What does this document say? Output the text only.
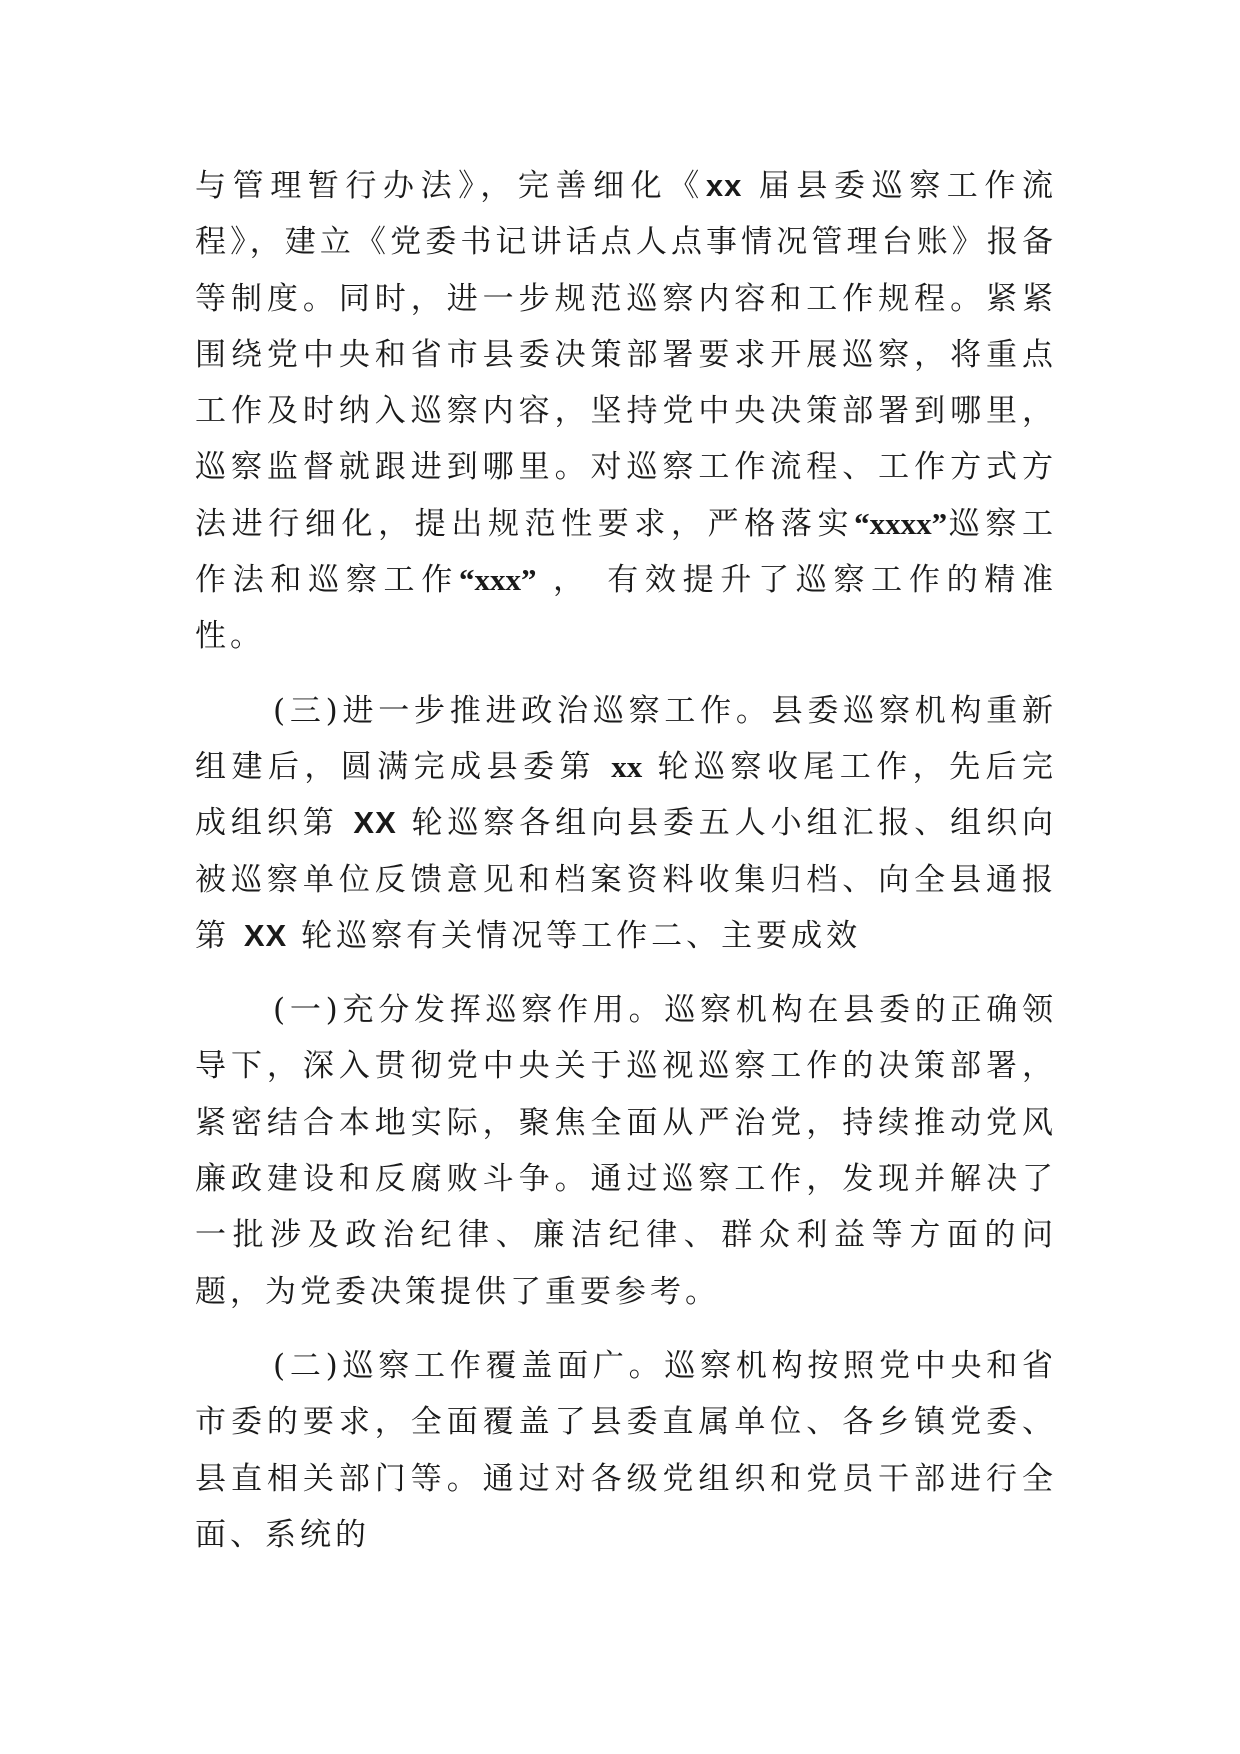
与管理暂行办法》，完善细化《xx 届县委巡察工作流程》，建立《党委书记讲话点人点事情况管理台账》报备等制度。同时，进一步规范巡察内容和工作规程。紧紧围绕党中央和省市县委决策部署要求开展巡察，将重点工作及时纳入巡察内容，坚持党中央决策部署到哪里，巡察监督就跟进到哪里。对巡察工作流程、工作方式方法进行细化，提出规范性要求，严格落实“xxxx”巡察工作法和巡察工作“xxx” ， 有效提升了巡察工作的精准性。

(三)进一步推进政治巡察工作。县委巡察机构重新组建后，圆满完成县委第 xx 轮巡察收尾工作，先后完成组织第 XX 轮巡察各组向县委五人小组汇报、组织向被巡察单位反馈意见和档案资料收集归档、向全县通报第 XX 轮巡察有关情况等工作二、主要成效

(一)充分发挥巡察作用。巡察机构在县委的正确领导下，深入贯彻党中央关于巡视巡察工作的决策部署，紧密结合本地实际，聚焦全面从严治党，持续推动党风廉政建设和反腐败斗争。通过巡察工作，发现并解决了一批涉及政治纪律、廉洁纪律、群众利益等方面的问题，为党委决策提供了重要参考。

(二)巡察工作覆盖面广。巡察机构按照党中央和省市委的要求，全面覆盖了县委直属单位、各乡镇党委、县直相关部门等。通过对各级党组织和党员干部进行全面、系统的
